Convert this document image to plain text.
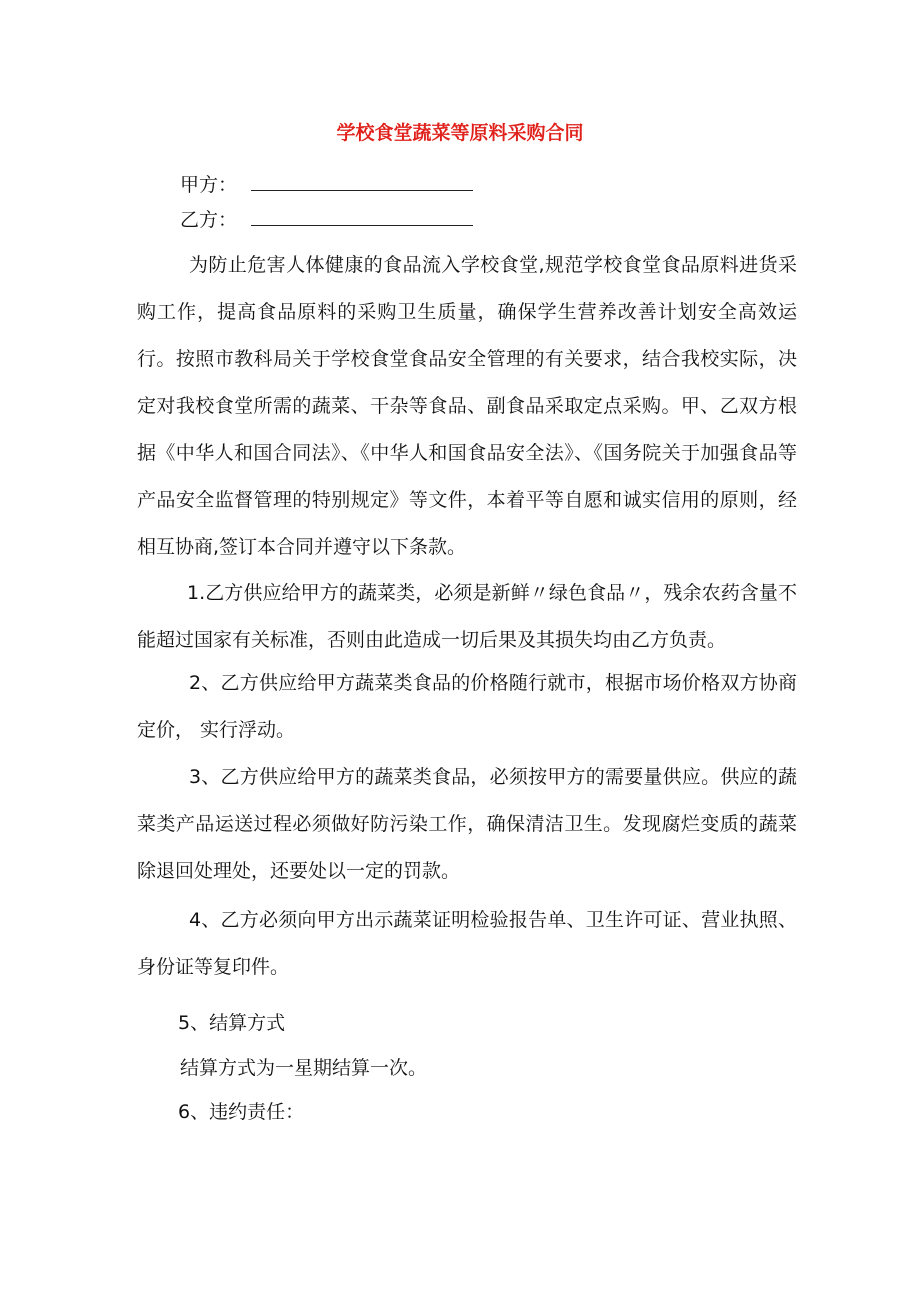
学校食堂蔬菜等原料采购合同
甲方：
乙方：

为防止危害人体健康的食品流入学校食堂,规范学校食堂食品原料进货采购工作，提高食品原料的采购卫生质量，确保学生营养改善计划安全高效运行。按照市教科局关于学校食堂食品安全管理的有关要求，结合我校实际，决定对我校食堂所需的蔬菜、干杂等食品、副食品采取定点采购。甲、乙双方根据《中华人和国合同法》、《中华人和国食品安全法》、《国务院关于加强食品等产品安全监督管理的特别规定》等文件，本着平等自愿和诚实信用的原则，经相互协商,签订本合同并遵守以下条款。

1.乙方供应给甲方的蔬菜类，必须是新鲜〃绿色食品〃，残余农药含量不能超过国家有关标准，否则由此造成一切后果及其损失均由乙方负责。

2、乙方供应给甲方蔬菜类食品的价格随行就市，根据市场价格双方协商定价， 实行浮动。

3、乙方供应给甲方的蔬菜类食品，必须按甲方的需要量供应。供应的蔬菜类产品运送过程必须做好防污染工作，确保清洁卫生。发现腐烂变质的蔬菜除退回处理处，还要处以一定的罚款。

4、乙方必须向甲方出示蔬菜证明检验报告单、卫生许可证、营业执照、身份证等复印件。

5、结算方式
结算方式为一星期结算一次。
6、违约责任：
